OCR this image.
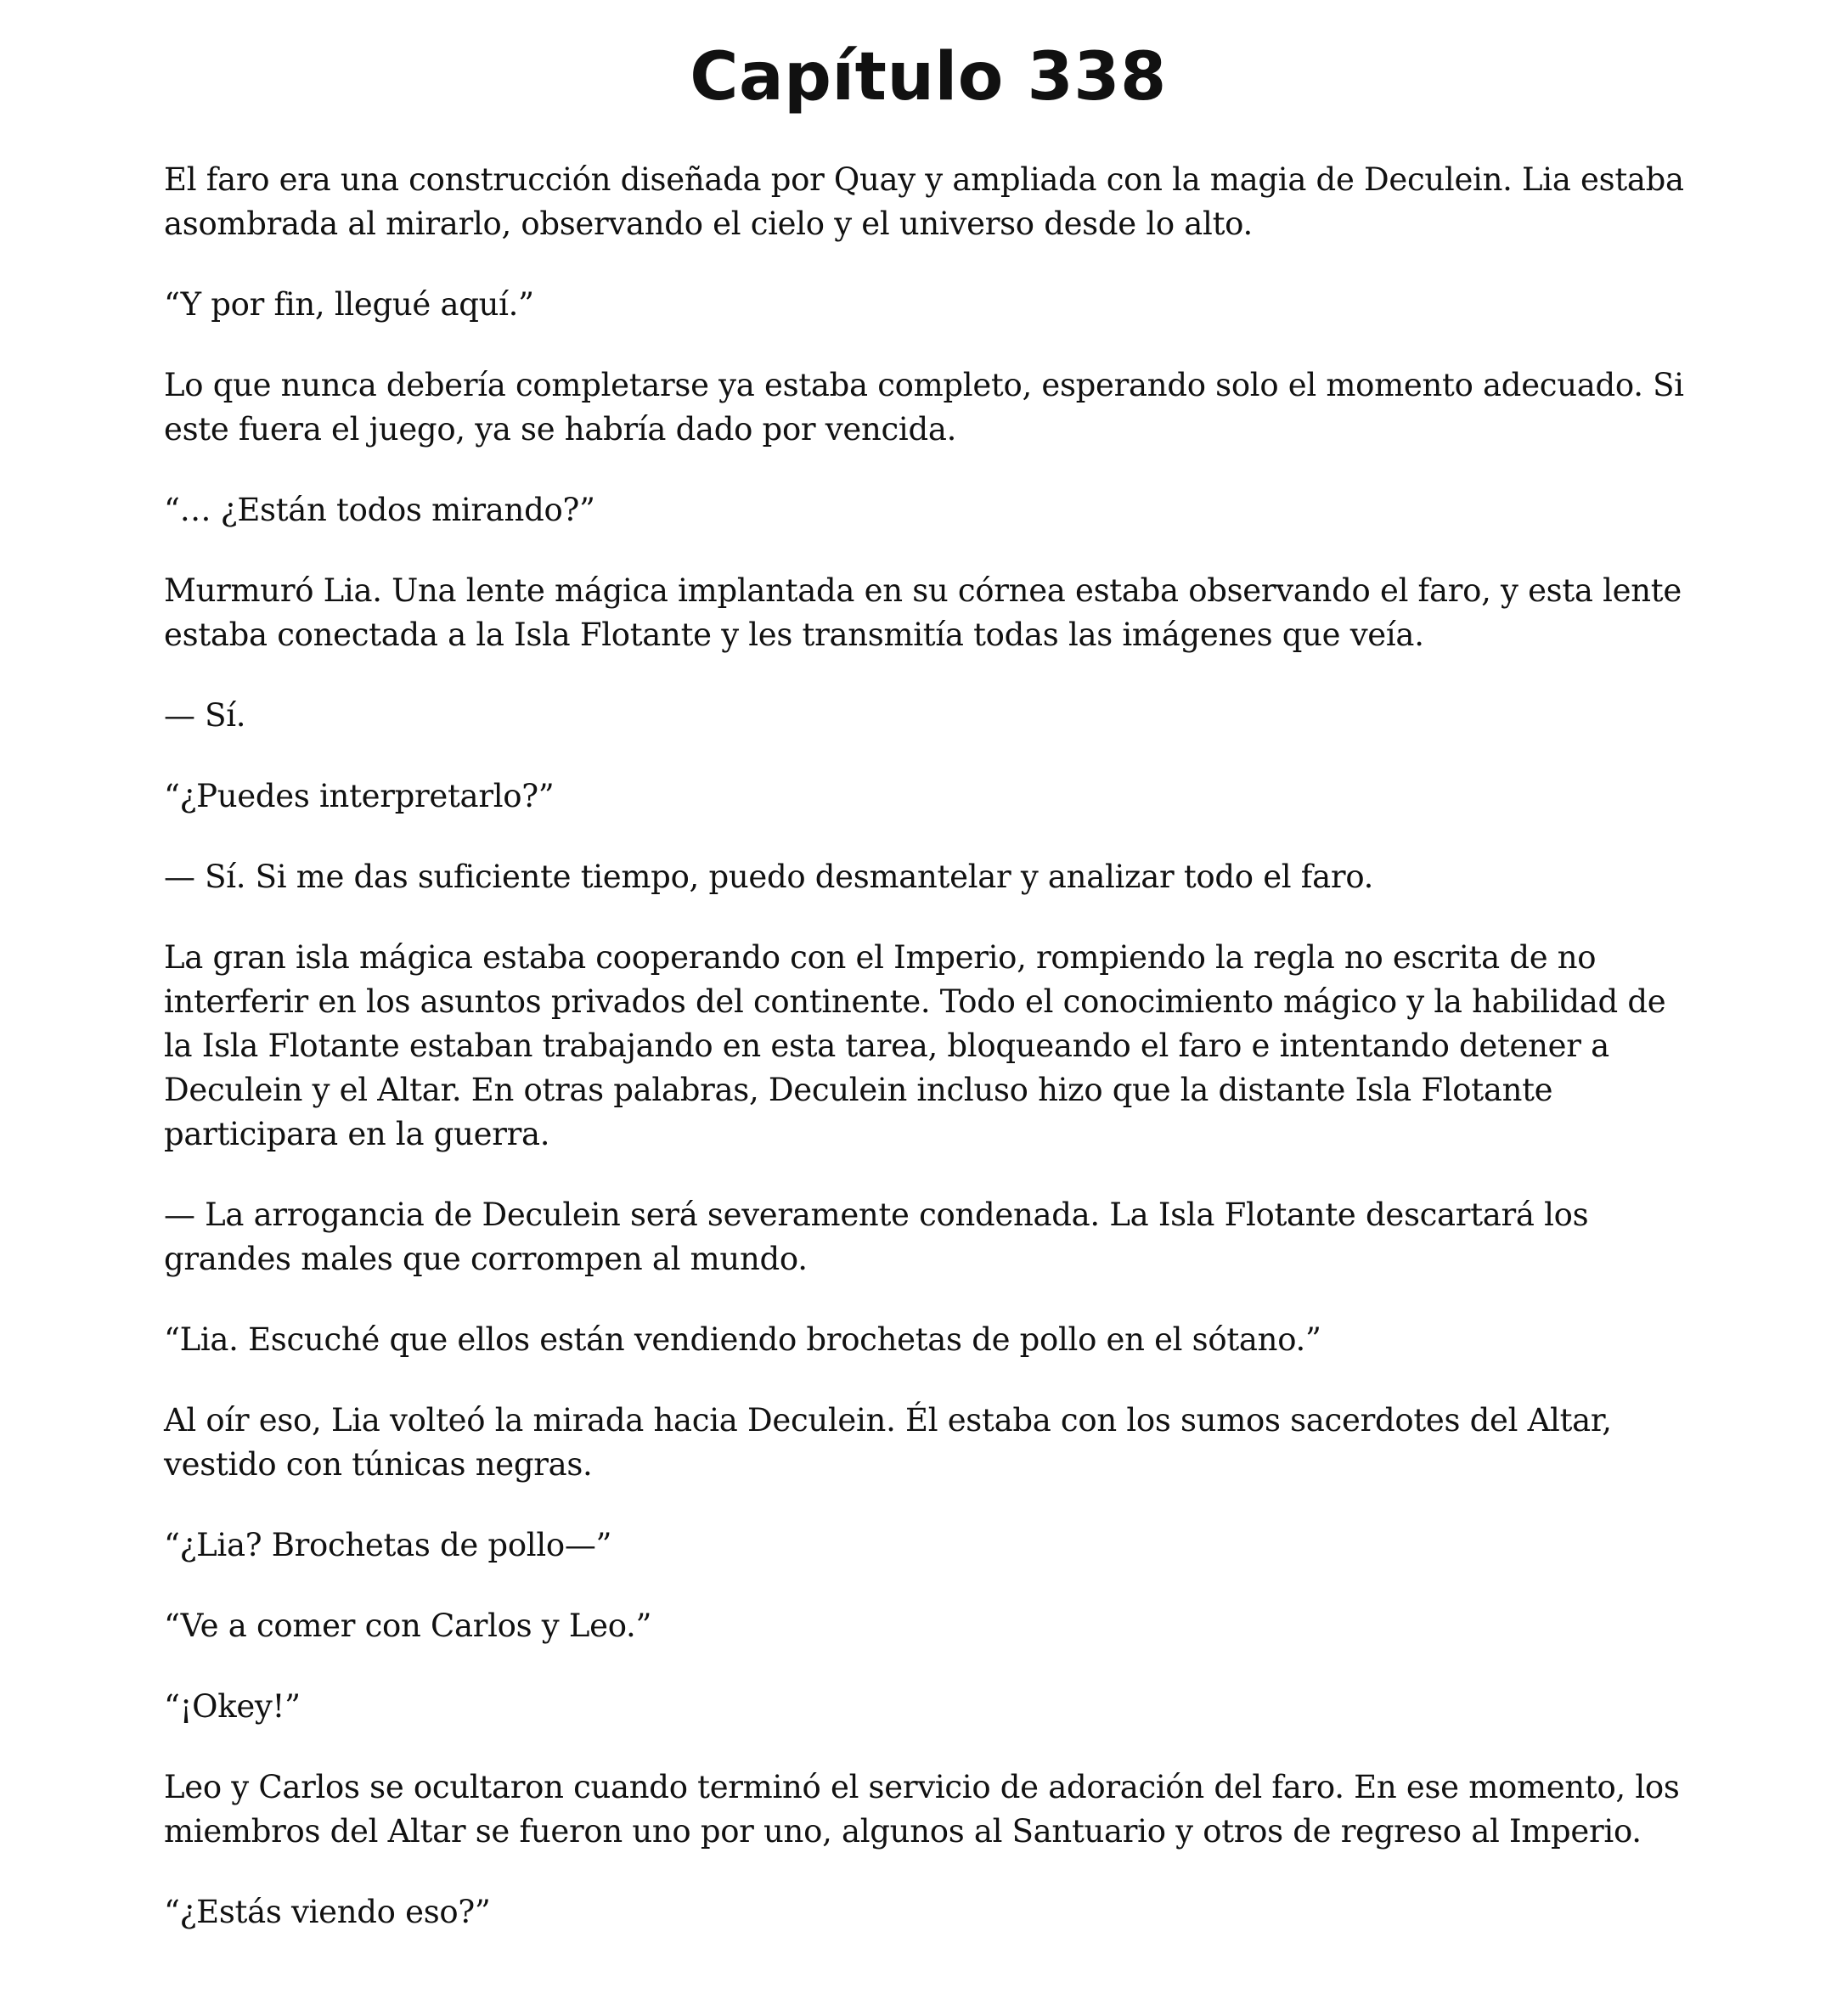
Capítulo 338

El faro era una construcción diseñada por Quay y ampliada con la magia de Deculein. Lia estaba asombrada al mirarlo, observando el cielo y el universo desde lo alto.

“Y por fin, llegué aquí.”

Lo que nunca debería completarse ya estaba completo, esperando solo el momento adecuado. Si este fuera el juego, ya se habría dado por vencida.

“… ¿Están todos mirando?”

Murmuró Lia. Una lente mágica implantada en su córnea estaba observando el faro, y esta lente estaba conectada a la Isla Flotante y les transmitía todas las imágenes que veía.

— Sí.

“¿Puedes interpretarlo?”

— Sí. Si me das suficiente tiempo, puedo desmantelar y analizar todo el faro.

La gran isla mágica estaba cooperando con el Imperio, rompiendo la regla no escrita de no interferir en los asuntos privados del continente. Todo el conocimiento mágico y la habilidad de la Isla Flotante estaban trabajando en esta tarea, bloqueando el faro e intentando detener a Deculein y el Altar. En otras palabras, Deculein incluso hizo que la distante Isla Flotante participara en la guerra.

— La arrogancia de Deculein será severamente condenada. La Isla Flotante descartará los grandes males que corrompen al mundo.

“Lia. Escuché que ellos están vendiendo brochetas de pollo en el sótano.”

Al oír eso, Lia volteó la mirada hacia Deculein. Él estaba con los sumos sacerdotes del Altar, vestido con túnicas negras.

“¿Lia? Brochetas de pollo—”

“Ve a comer con Carlos y Leo.”

“¡Okey!”

Leo y Carlos se ocultaron cuando terminó el servicio de adoración del faro. En ese momento, los miembros del Altar se fueron uno por uno, algunos al Santuario y otros de regreso al Imperio.

“¿Estás viendo eso?”
